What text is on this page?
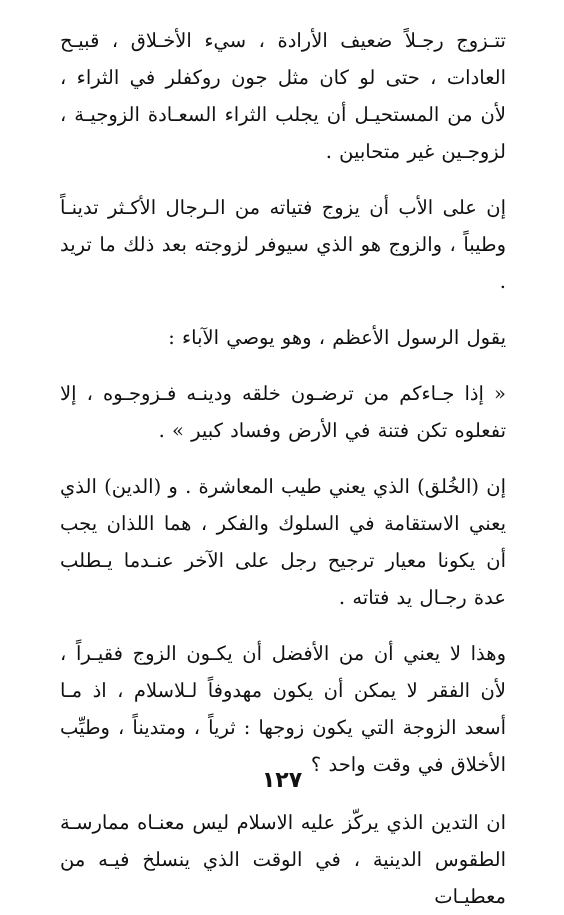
تتـزوج رجـلاً ضعيف الأرادة ، سيء الأخـلاق ، قبيـح العادات ، حتى لو كان مثل جون روكفلر في الثراء ، لأن من المستحيـل أن يجلب الثراء السعـادة الزوجيـة ، لزوجـين غير متحابين .

إن على الأب أن يزوج فتياته من الـرجال الأكـثر تدينـاً وطيباً ، والزوج هو الذي سيوفر لزوجته بعد ذلك ما تريد .

يقول الرسول الأعظم ، وهو يوصي الآباء :

« إذا جـاءكم من ترضـون خلقه ودينـه فـزوجـوه ، إلا تفعلوه تكن فتنة في الأرض وفساد كبير » .

إن (الخُلق) الذي يعني طيب المعاشرة . و (الدين) الذي يعني الاستقامة في السلوك والفكر ، هما اللذان يجب أن يكونا معيار ترجيح رجل على الآخر عنـدما يـطلب عدة رجـال يد فتاته .

وهذا لا يعني أن من الأفضل أن يكـون الزوج فقيـراً ، لأن الفقر لا يمكن أن يكون مهدوفاً لـلاسلام ، اذ مـا أسعد الزوجة التي يكون زوجها : ثرياً ، ومتديناً ، وطيِّب الأخلاق في وقت واحد ؟

ان التدين الذي يركّز عليه الاسلام ليس معنـاه ممارسـة الطقوس الدينية ، في الوقت الذي ينسلخ فيـه من معطيـات

١٢٧
